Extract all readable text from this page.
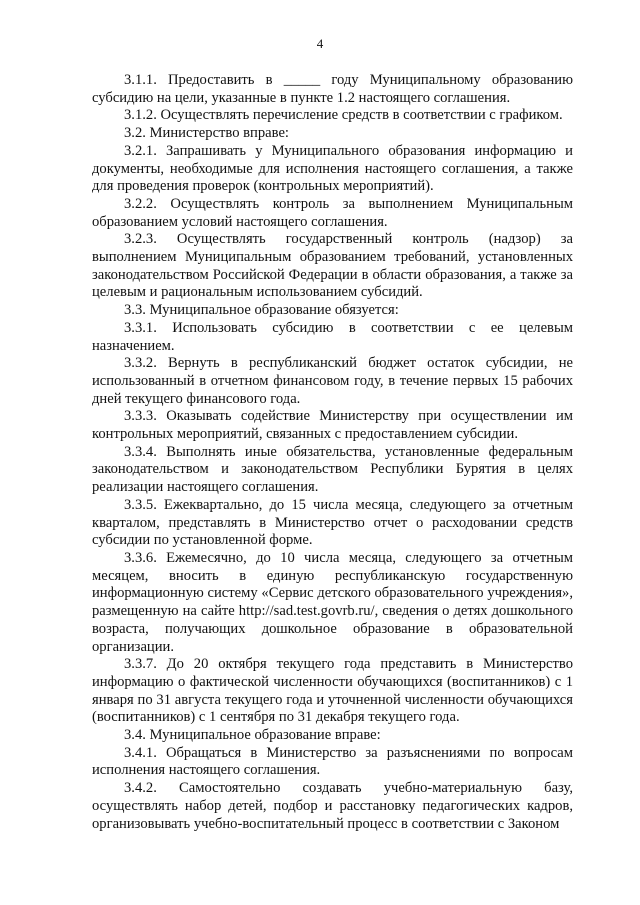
4

3.1.1. Предоставить в _____ году Муниципальному образованию субсидию на цели, указанные в пункте 1.2 настоящего соглашения.

3.1.2. Осуществлять перечисление средств в соответствии с графиком.

3.2. Министерство вправе:

3.2.1. Запрашивать у Муниципального образования информацию и документы, необходимые для исполнения настоящего соглашения, а также для проведения проверок (контрольных мероприятий).

3.2.2. Осуществлять контроль за выполнением Муниципальным образованием условий настоящего соглашения.

3.2.3. Осуществлять государственный контроль (надзор) за выполнением Муниципальным образованием требований, установленных законодательством Российской Федерации в области образования, а также за целевым и рациональным использованием субсидий.

3.3. Муниципальное образование обязуется:

3.3.1. Использовать субсидию в соответствии с ее целевым назначением.

3.3.2. Вернуть в республиканский бюджет остаток субсидии, не использованный в отчетном финансовом году, в течение первых 15 рабочих дней текущего финансового года.

3.3.3. Оказывать содействие Министерству при осуществлении им контрольных мероприятий, связанных с предоставлением субсидии.

3.3.4. Выполнять иные обязательства, установленные федеральным законодательством и законодательством Республики Бурятия в целях реализации настоящего соглашения.

3.3.5. Ежеквартально, до 15 числа месяца, следующего за отчетным кварталом, представлять в Министерство отчет о расходовании средств субсидии по установленной форме.

3.3.6. Ежемесячно, до 10 числа месяца, следующего за отчетным месяцем, вносить в единую республиканскую государственную информационную систему «Сервис детского образовательного учреждения», размещенную на сайте http://sad.test.govrb.ru/, сведения о детях дошкольного возраста, получающих дошкольное образование в образовательной организации.

3.3.7. До 20 октября текущего года представить в Министерство информацию о фактической численности обучающихся (воспитанников) с 1 января по 31 августа текущего года и уточненной численности обучающихся (воспитанников) с 1 сентября по 31 декабря текущего года.

3.4. Муниципальное образование вправе:

3.4.1. Обращаться в Министерство за разъяснениями по вопросам исполнения настоящего соглашения.

3.4.2. Самостоятельно создавать учебно-материальную базу, осуществлять набор детей, подбор и расстановку педагогических кадров, организовывать учебно-воспитательный процесс в соответствии с Законом
